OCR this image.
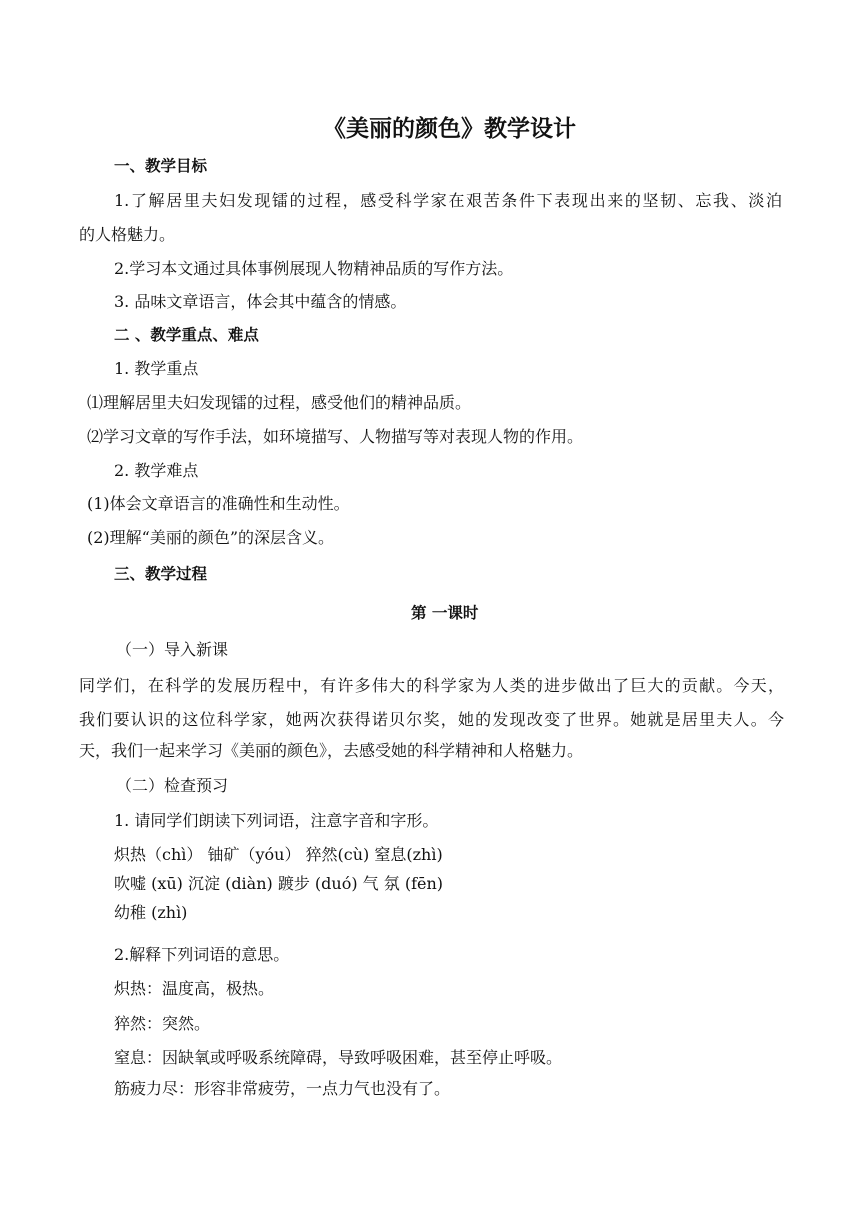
《美丽的颜色》教学设计
一、教学目标
1.了解居里夫妇发现镭的过程，感受科学家在艰苦条件下表现出来的坚韧、忘我、淡泊
的人格魅力。
2.学习本文通过具体事例展现人物精神品质的写作方法。
3. 品味文章语言，体会其中蕴含的情感。
二 、教学重点、难点
1. 教学重点
⑴理解居里夫妇发现镭的过程，感受他们的精神品质。
⑵学习文章的写作手法，如环境描写、人物描写等对表现人物的作用。
2. 教学难点
(1)体会文章语言的准确性和生动性。
(2)理解“美丽的颜色”的深层含义。
三、教学过程
第 一课时
（一）导入新课
同学们，在科学的发展历程中，有许多伟大的科学家为人类的进步做出了巨大的贡献。今天，
我们要认识的这位科学家，她两次获得诺贝尔奖，她的发现改变了世界。她就是居里夫人。今
天，我们一起来学习《美丽的颜色》，去感受她的科学精神和人格魅力。
（二）检查预习
1. 请同学们朗读下列词语，注意字音和字形。
炽热（chì） 铀矿（yóu） 猝然(cù) 窒息(zhì)
吹嘘 (xū) 沉淀 (diàn) 踱步 (duó) 气 氛 (fēn)
幼稚 (zhì)
2.解释下列词语的意思。
炽热：温度高，极热。
猝然：突然。
窒息：因缺氧或呼吸系统障碍，导致呼吸困难，甚至停止呼吸。
筋疲力尽：形容非常疲劳，一点力气也没有了。
